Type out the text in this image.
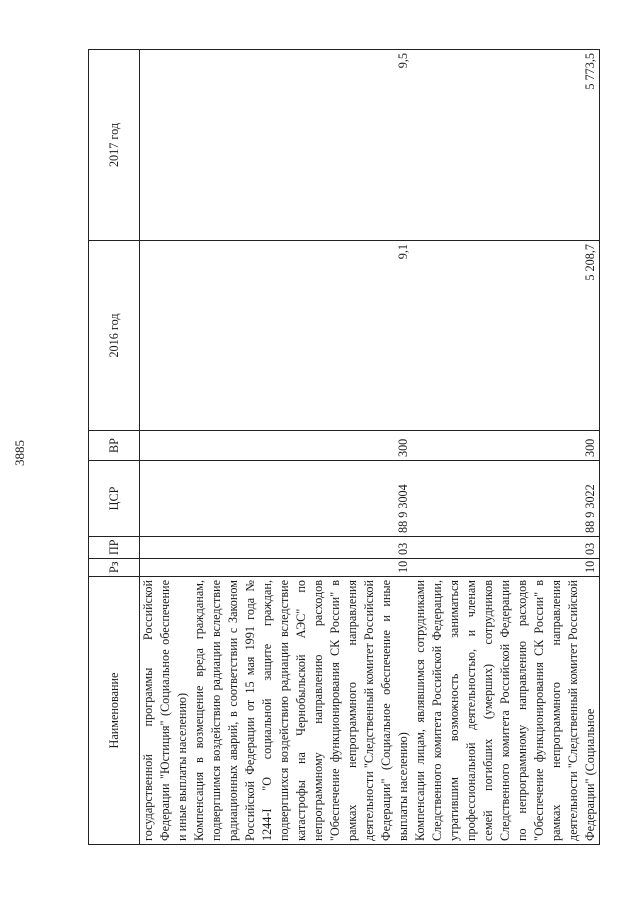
3885
Наименование	Рз	ПР	ЦСР	ВР	2016 год	2017 год
государственной программы Российской Федерации "Юстиция" (Социальное обеспечение и иные выплаты населению)						
Компенсация в возмещение вреда гражданам, подвергшимся воздействию радиации вследствие радиационных аварий, в соответствии с Законом Российской Федерации от 15 мая 1991 года № 1244-I "О социальной защите граждан, подвергшихся воздействию радиации вследствие катастрофы на Чернобыльской АЭС" по непрограммному направлению расходов "Обеспечение функционирования СК России" в рамках непрограммного направления деятельности "Следственный комитет Российской Федерации" (Социальное обеспечение и иные выплаты населению)	10	03	88 9 3004	300	9,1	9,5
Компенсации лицам, являвшимся сотрудниками Следственного комитета Российской Федерации, утратившим возможность заниматься профессиональной деятельностью, и членам семей погибших (умерших) сотрудников Следственного комитета Российской Федерации по непрограммному направлению расходов "Обеспечение функционирования СК России" в рамках непрограммного направления деятельности "Следственный комитет Российской Федерации" (Социальное	10	03	88 9 3022	300	5 208,7	5 773,5
